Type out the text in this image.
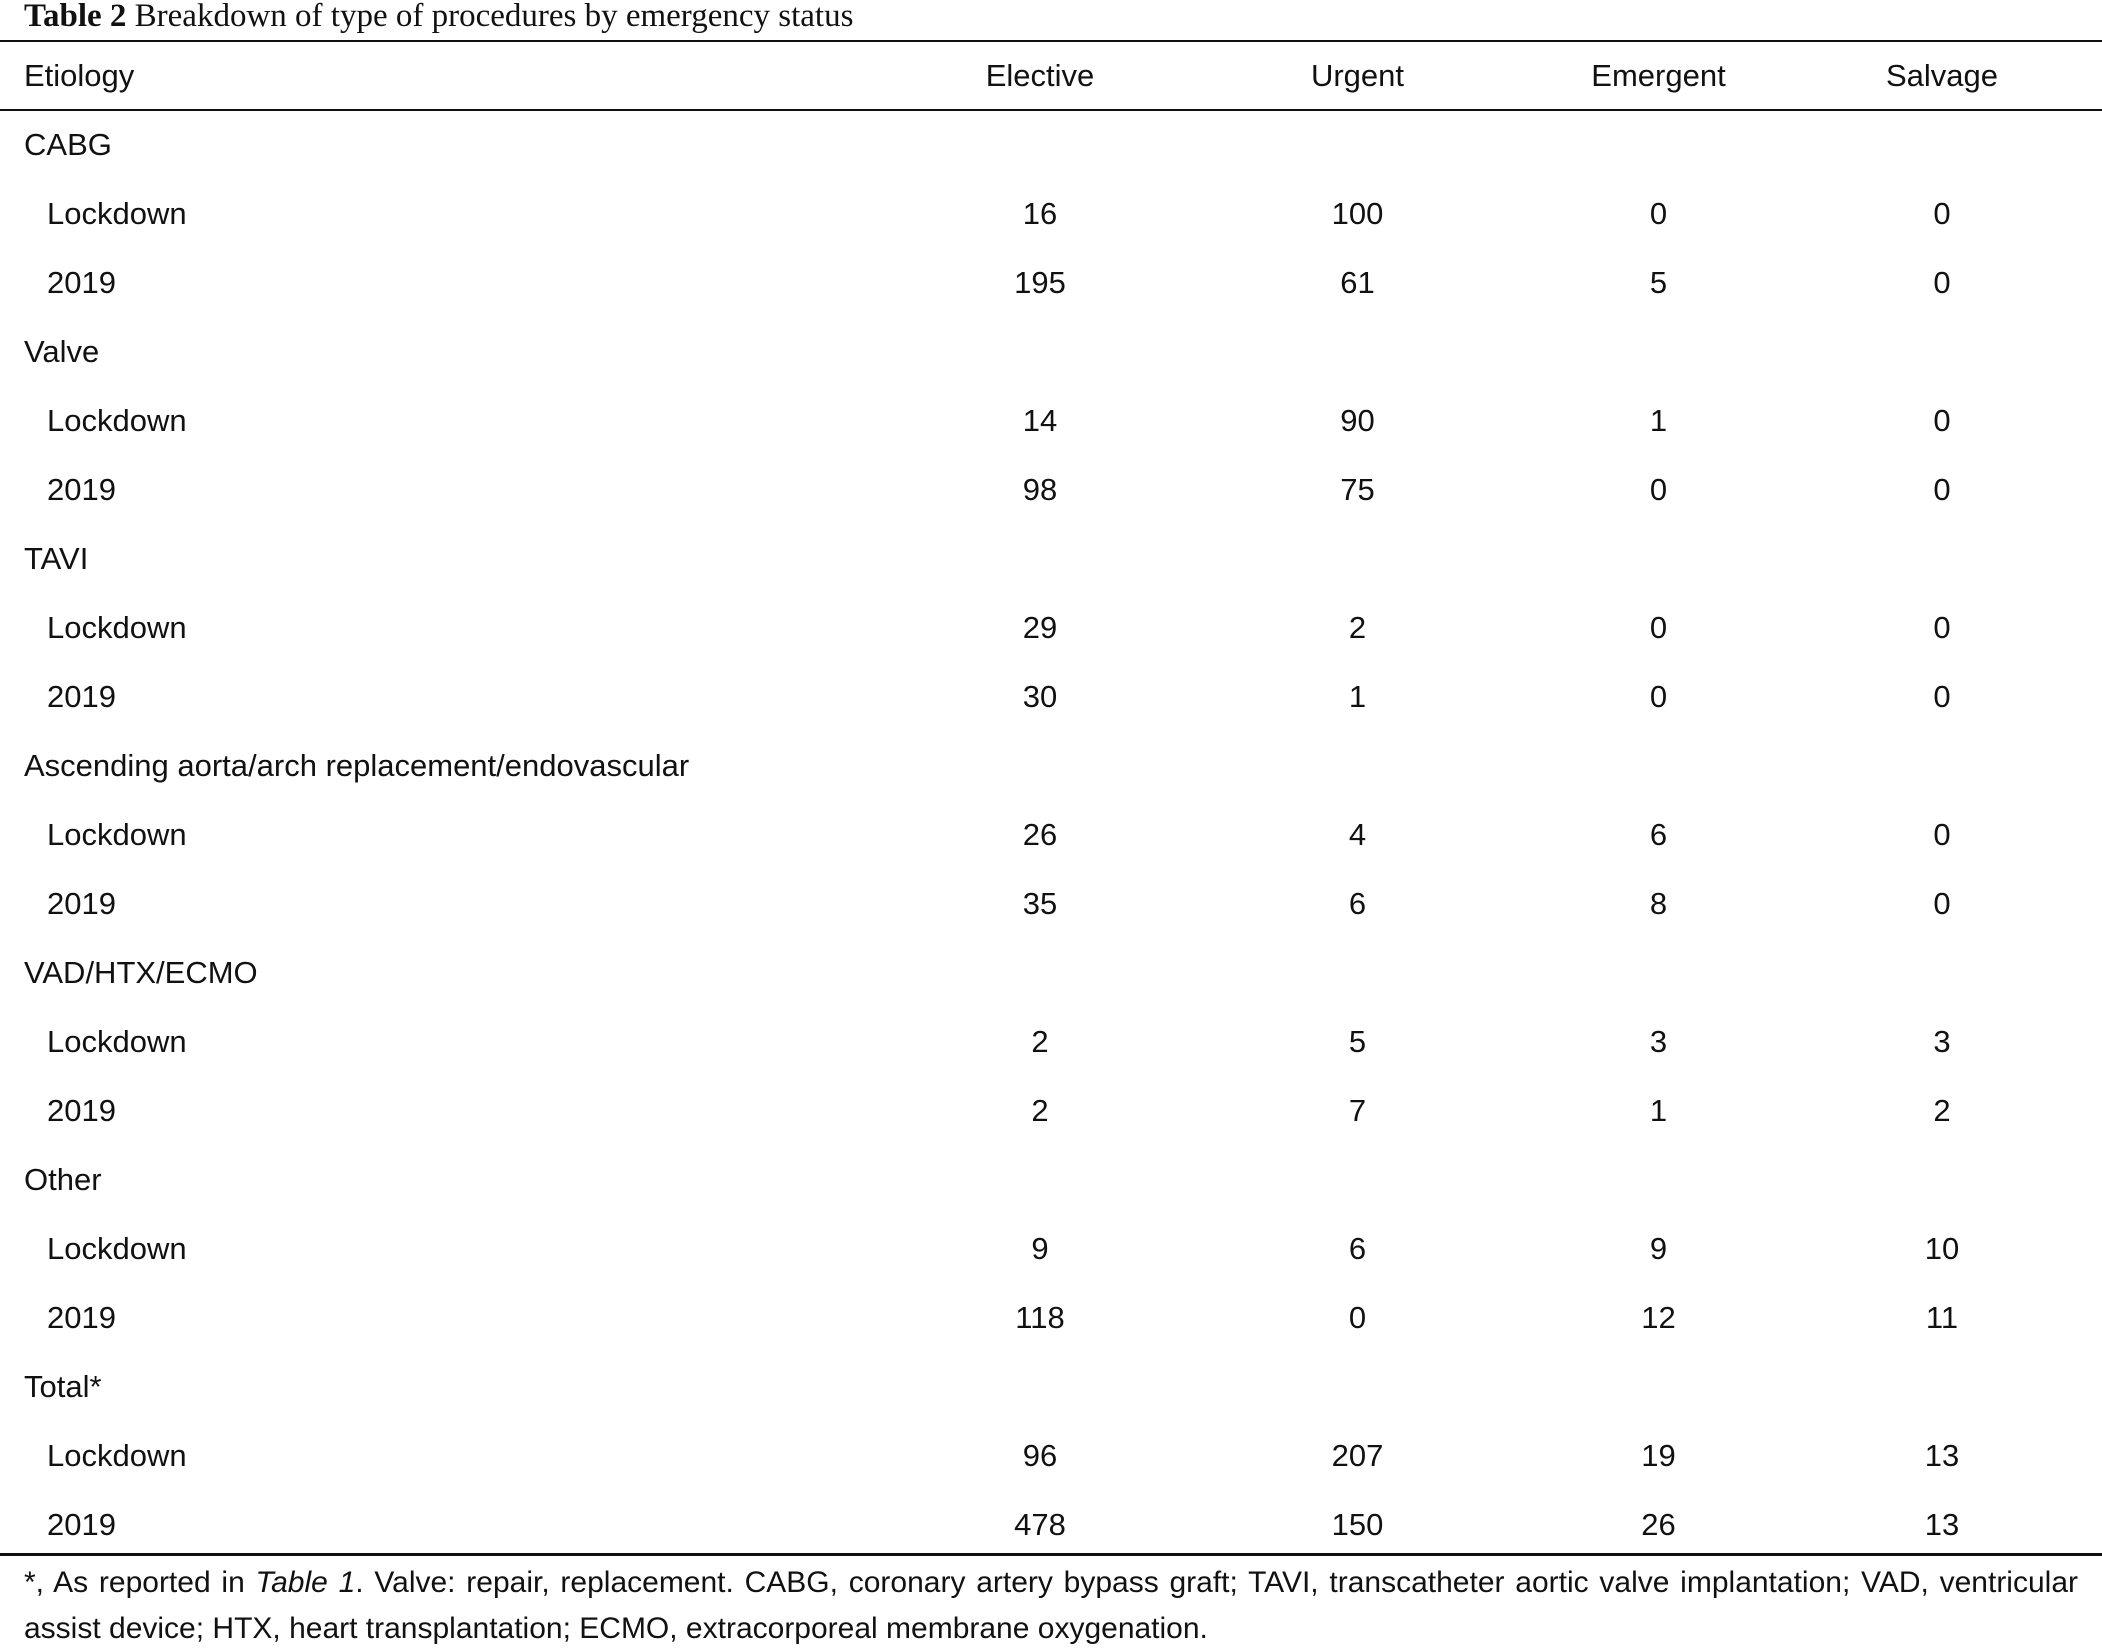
Table 2 Breakdown of type of procedures by emergency status
Etiology	Elective	Urgent	Emergent	Salvage
CABG				
Lockdown	16	100	0	0
2019	195	61	5	0
Valve				
Lockdown	14	90	1	0
2019	98	75	0	0
TAVI				
Lockdown	29	2	0	0
2019	30	1	0	0
Ascending aorta/arch replacement/endovascular				
Lockdown	26	4	6	0
2019	35	6	8	0
VAD/HTX/ECMO				
Lockdown	2	5	3	3
2019	2	7	1	2
Other				
Lockdown	9	6	9	10
2019	118	0	12	11
Total*				
Lockdown	96	207	19	13
2019	478	150	26	13
*, As reported in Table 1. Valve: repair, replacement. CABG, coronary artery bypass graft; TAVI, transcatheter aortic valve implantation; VAD, ventricular assist device; HTX, heart transplantation; ECMO, extracorporeal membrane oxygenation.
